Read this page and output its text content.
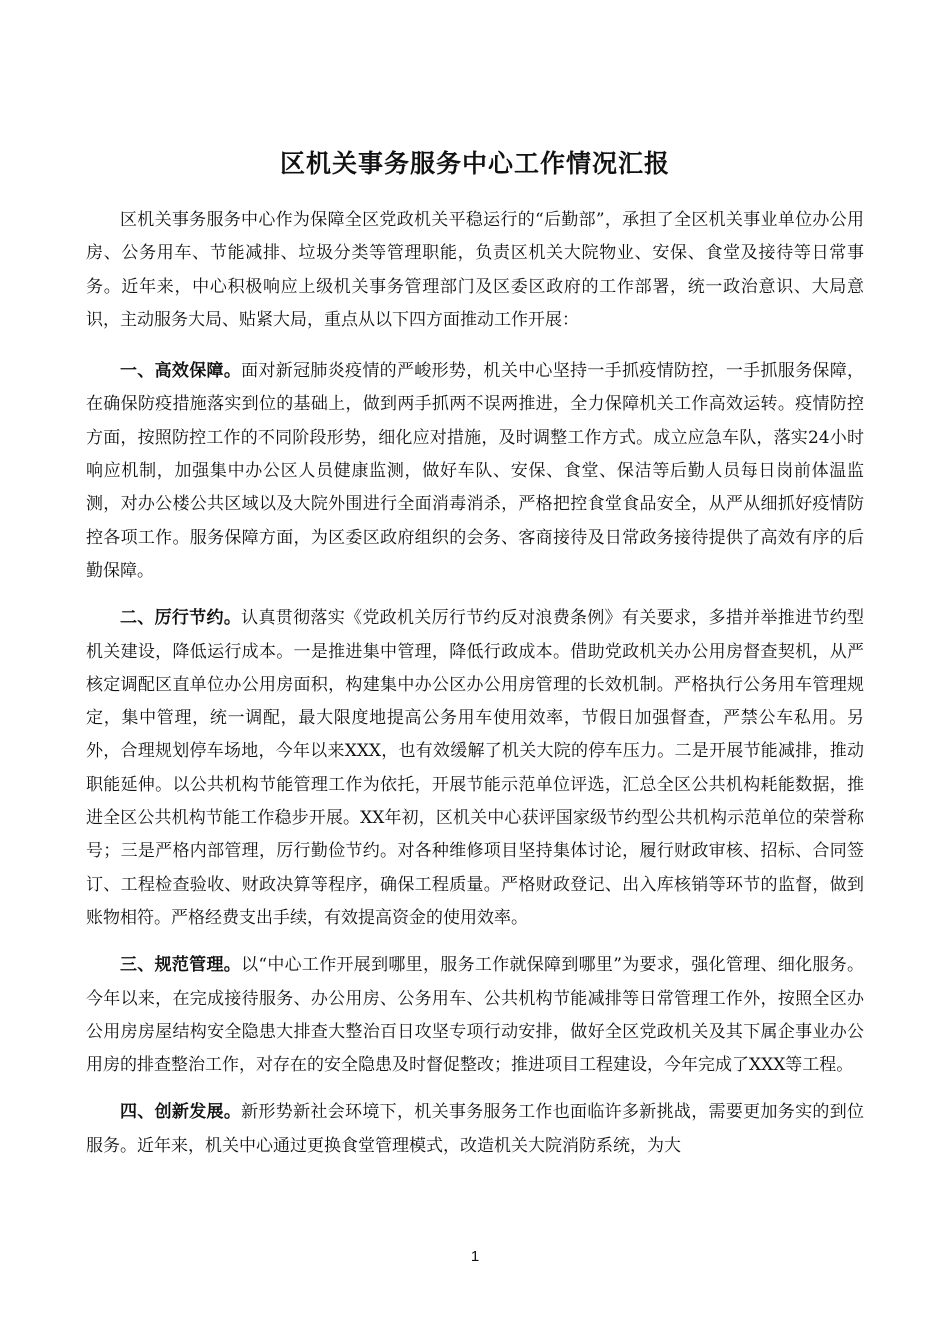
区机关事务服务中心工作情况汇报

区机关事务服务中心作为保障全区党政机关平稳运行的“后勤部”，承担了全区机关事业单位办公用房、公务用车、节能减排、垃圾分类等管理职能，负责区机关大院物业、安保、食堂及接待等日常事务。近年来，中心积极响应上级机关事务管理部门及区委区政府的工作部署，统一政治意识、大局意识，主动服务大局、贴紧大局，重点从以下四方面推动工作开展：

一、高效保障。面对新冠肺炎疫情的严峻形势，机关中心坚持一手抓疫情防控，一手抓服务保障，在确保防疫措施落实到位的基础上，做到两手抓两不误两推进，全力保障机关工作高效运转。疫情防控方面，按照防控工作的不同阶段形势，细化应对措施，及时调整工作方式。成立应急车队，落实24小时响应机制，加强集中办公区人员健康监测，做好车队、安保、食堂、保洁等后勤人员每日岗前体温监测，对办公楼公共区域以及大院外围进行全面消毒消杀，严格把控食堂食品安全，从严从细抓好疫情防控各项工作。服务保障方面，为区委区政府组织的会务、客商接待及日常政务接待提供了高效有序的后勤保障。

二、厉行节约。认真贯彻落实《党政机关厉行节约反对浪费条例》有关要求，多措并举推进节约型机关建设，降低运行成本。一是推进集中管理，降低行政成本。借助党政机关办公用房督查契机，从严核定调配区直单位办公用房面积，构建集中办公区办公用房管理的长效机制。严格执行公务用车管理规定，集中管理，统一调配，最大限度地提高公务用车使用效率，节假日加强督查，严禁公车私用。另外，合理规划停车场地，今年以来XXX，也有效缓解了机关大院的停车压力。二是开展节能减排，推动职能延伸。以公共机构节能管理工作为依托，开展节能示范单位评选，汇总全区公共机构耗能数据，推进全区公共机构节能工作稳步开展。XX年初，区机关中心获评国家级节约型公共机构示范单位的荣誉称号；三是严格内部管理，厉行勤俭节约。对各种维修项目坚持集体讨论，履行财政审核、招标、合同签订、工程检查验收、财政决算等程序，确保工程质量。严格财政登记、出入库核销等环节的监督，做到账物相符。严格经费支出手续，有效提高资金的使用效率。

三、规范管理。以“中心工作开展到哪里，服务工作就保障到哪里”为要求，强化管理、细化服务。今年以来，在完成接待服务、办公用房、公务用车、公共机构节能减排等日常管理工作外，按照全区办公用房房屋结构安全隐患大排查大整治百日攻坚专项行动安排，做好全区党政机关及其下属企事业办公用房的排查整治工作，对存在的安全隐患及时督促整改；推进项目工程建设，今年完成了XXX等工程。

四、创新发展。新形势新社会环境下，机关事务服务工作也面临许多新挑战，需要更加务实的到位服务。近年来，机关中心通过更换食堂管理模式，改造机关大院消防系统，为大

1
